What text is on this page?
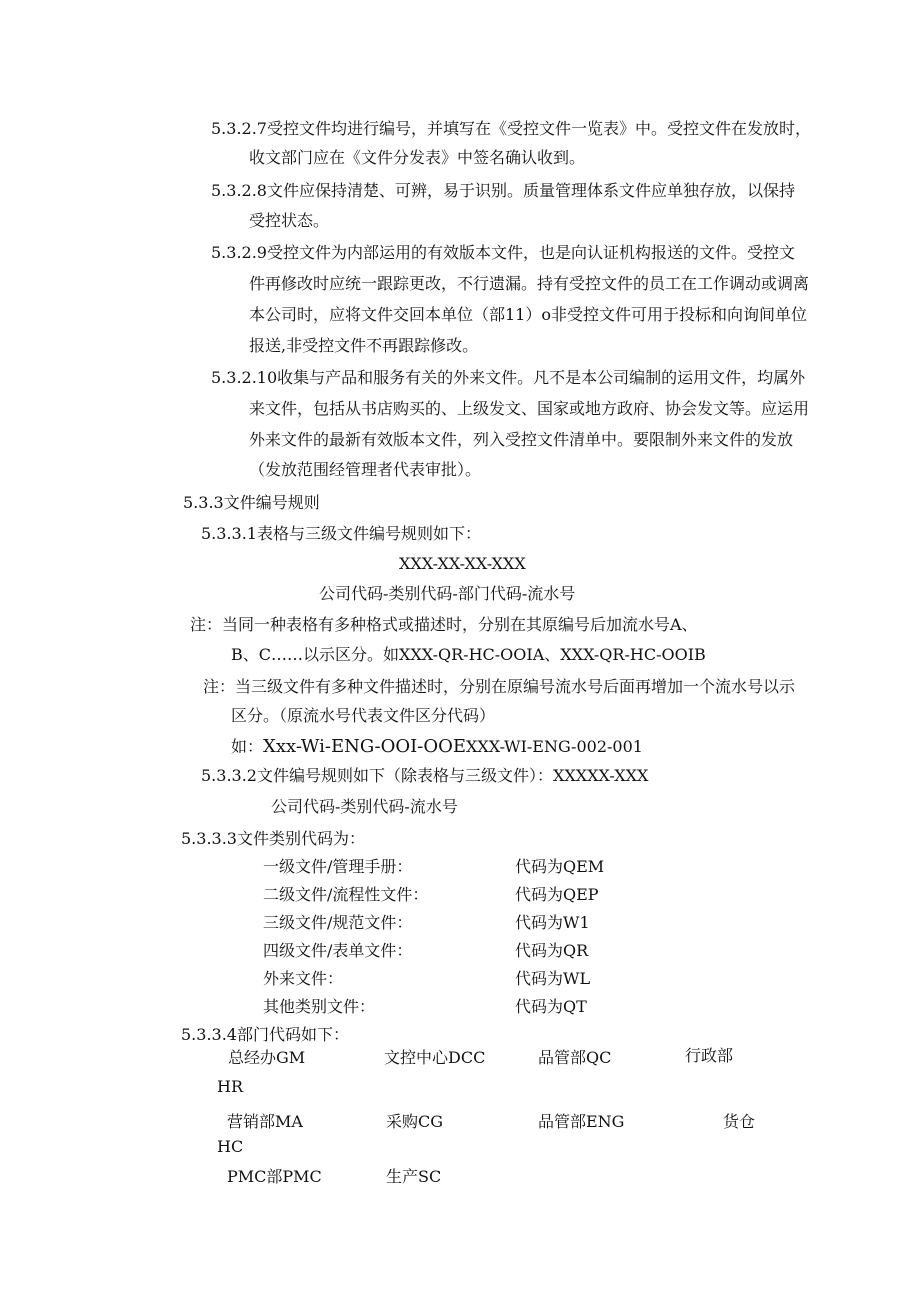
5.3.2.7受控文件均进行编号，并填写在《受控文件一览表》中。受控文件在发放时，
收文部门应在《文件分发表》中签名确认收到。
5.3.2.8文件应保持清楚、可辨，易于识别。质量管理体系文件应单独存放，以保持
受控状态。
5.3.2.9受控文件为内部运用的有效版本文件，也是向认证机构报送的文件。受控文
件再修改时应统一跟踪更改，不行遗漏。持有受控文件的员工在工作调动或调离
本公司时，应将文件交回本单位（部11）o非受控文件可用于投标和向询间单位
报送,非受控文件不再跟踪修改。
5.3.2.10收集与产品和服务有关的外来文件。凡不是本公司编制的运用文件，均属外
来文件，包括从书店购买的、上级发文、国家或地方政府、协会发文等。应运用
外来文件的最新有效版本文件，列入受控文件清单中。要限制外来文件的发放
（发放范围经管理者代表审批）。
5.3.3文件编号规则
5.3.3.1表格与三级文件编号规则如下：
XXX-XX-XX-XXX
公司代码-类别代码-部门代码-流水号
注：当同一种表格有多种格式或描述时，分别在其原编号后加流水号A、
B、C……以示区分。如XXX-QR-HC-OOIA、XXX-QR-HC-OOIB
注：当三级文件有多种文件描述时，分别在原编号流水号后面再增加一个流水号以示
区分。（原流水号代表文件区分代码）
如：Xxx-Wi-ENG-OOI-OOEXXX-WI-ENG-002-001
5.3.3.2文件编号规则如下（除表格与三级文件）：XXXXX-XXX
公司代码-类别代码-流水号
5.3.3.3文件类别代码为：
一级文件/管理手册：	代码为QEM
二级文件/流程性文件：	代码为QEP
三级文件/规范文件：	代码为W1
四级文件/表单文件：	代码为QR
外来文件：	代码为WL
其他类别文件：	代码为QT
5.3.3.4部门代码如下：
总经办GM	文控中心DCC	品管部QC	行政部
HR
营销部MA	采购CG	品管部ENG	货仓
HC
PMC部PMC	生产SC
